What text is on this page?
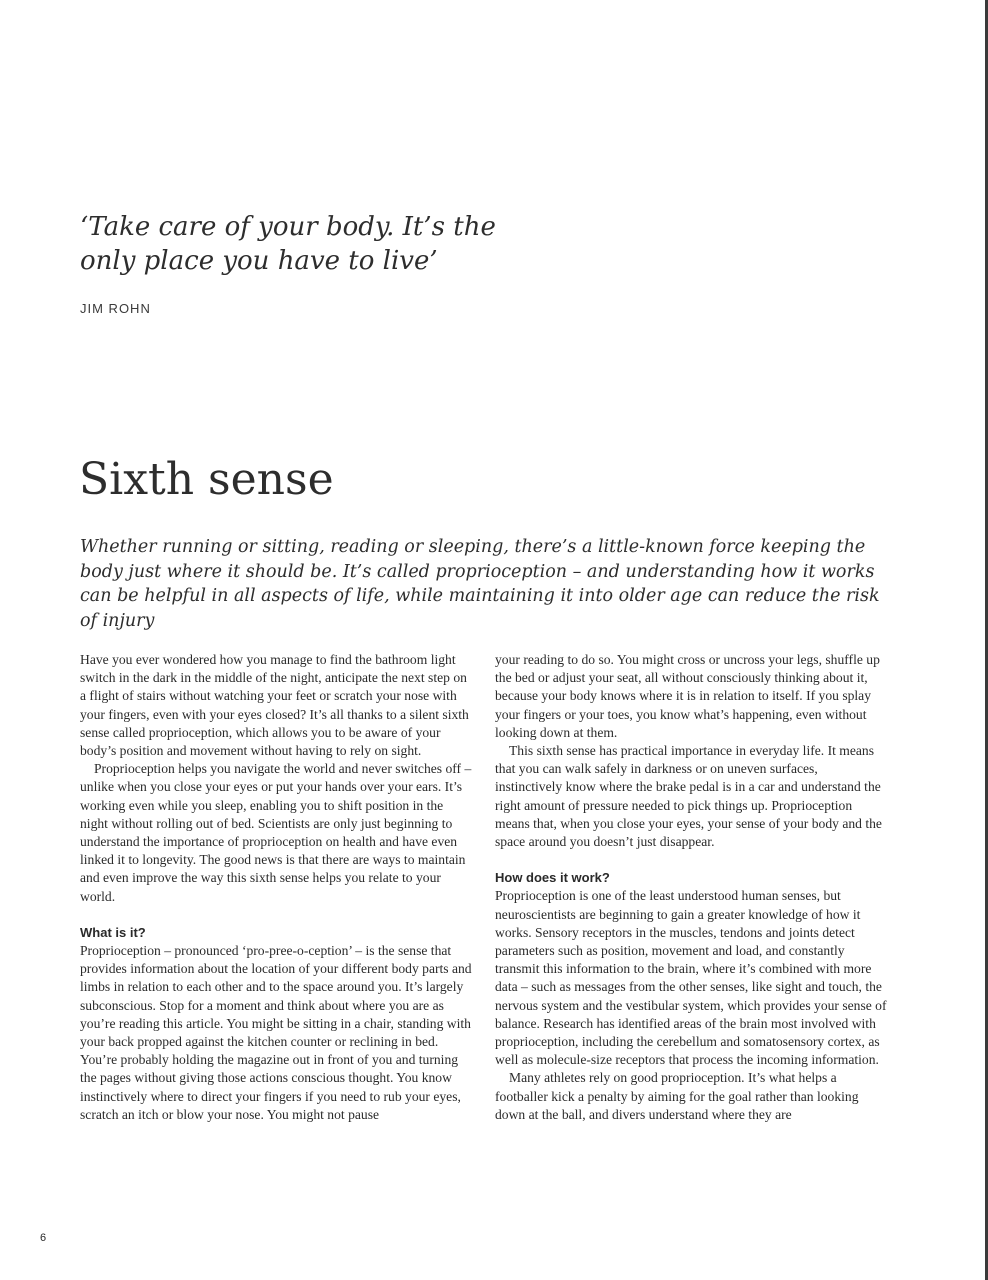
‘Take care of your body. It’s the only place you have to live’

JIM ROHN

Sixth sense

Whether running or sitting, reading or sleeping, there’s a little-known force keeping the body just where it should be. It’s called proprioception – and understanding how it works can be helpful in all aspects of life, while maintaining it into older age can reduce the risk of injury

Have you ever wondered how you manage to find the bathroom light switch in the dark in the middle of the night, anticipate the next step on a flight of stairs without watching your feet or scratch your nose with your fingers, even with your eyes closed? It’s all thanks to a silent sixth sense called proprioception, which allows you to be aware of your body’s position and movement without having to rely on sight.

Proprioception helps you navigate the world and never switches off – unlike when you close your eyes or put your hands over your ears. It’s working even while you sleep, enabling you to shift position in the night without rolling out of bed. Scientists are only just beginning to understand the importance of proprioception on health and have even linked it to longevity. The good news is that there are ways to maintain and even improve the way this sixth sense helps you relate to your world.

What is it?

Proprioception – pronounced ‘pro-pree-o-ception’ – is the sense that provides information about the location of your different body parts and limbs in relation to each other and to the space around you. It’s largely subconscious. Stop for a moment and think about where you are as you’re reading this article. You might be sitting in a chair, standing with your back propped against the kitchen counter or reclining in bed. You’re probably holding the magazine out in front of you and turning the pages without giving those actions conscious thought. You know instinctively where to direct your fingers if you need to rub your eyes, scratch an itch or blow your nose. You might not pause

your reading to do so. You might cross or uncross your legs, shuffle up the bed or adjust your seat, all without consciously thinking about it, because your body knows where it is in relation to itself. If you splay your fingers or your toes, you know what’s happening, even without looking down at them.

This sixth sense has practical importance in everyday life. It means that you can walk safely in darkness or on uneven surfaces, instinctively know where the brake pedal is in a car and understand the right amount of pressure needed to pick things up. Proprioception means that, when you close your eyes, your sense of your body and the space around you doesn’t just disappear.

How does it work?

Proprioception is one of the least understood human senses, but neuroscientists are beginning to gain a greater knowledge of how it works. Sensory receptors in the muscles, tendons and joints detect parameters such as position, movement and load, and constantly transmit this information to the brain, where it’s combined with more data – such as messages from the other senses, like sight and touch, the nervous system and the vestibular system, which provides your sense of balance. Research has identified areas of the brain most involved with proprioception, including the cerebellum and somatosensory cortex, as well as molecule-size receptors that process the incoming information.

Many athletes rely on good proprioception. It’s what helps a footballer kick a penalty by aiming for the goal rather than looking down at the ball, and divers understand where they are

6
